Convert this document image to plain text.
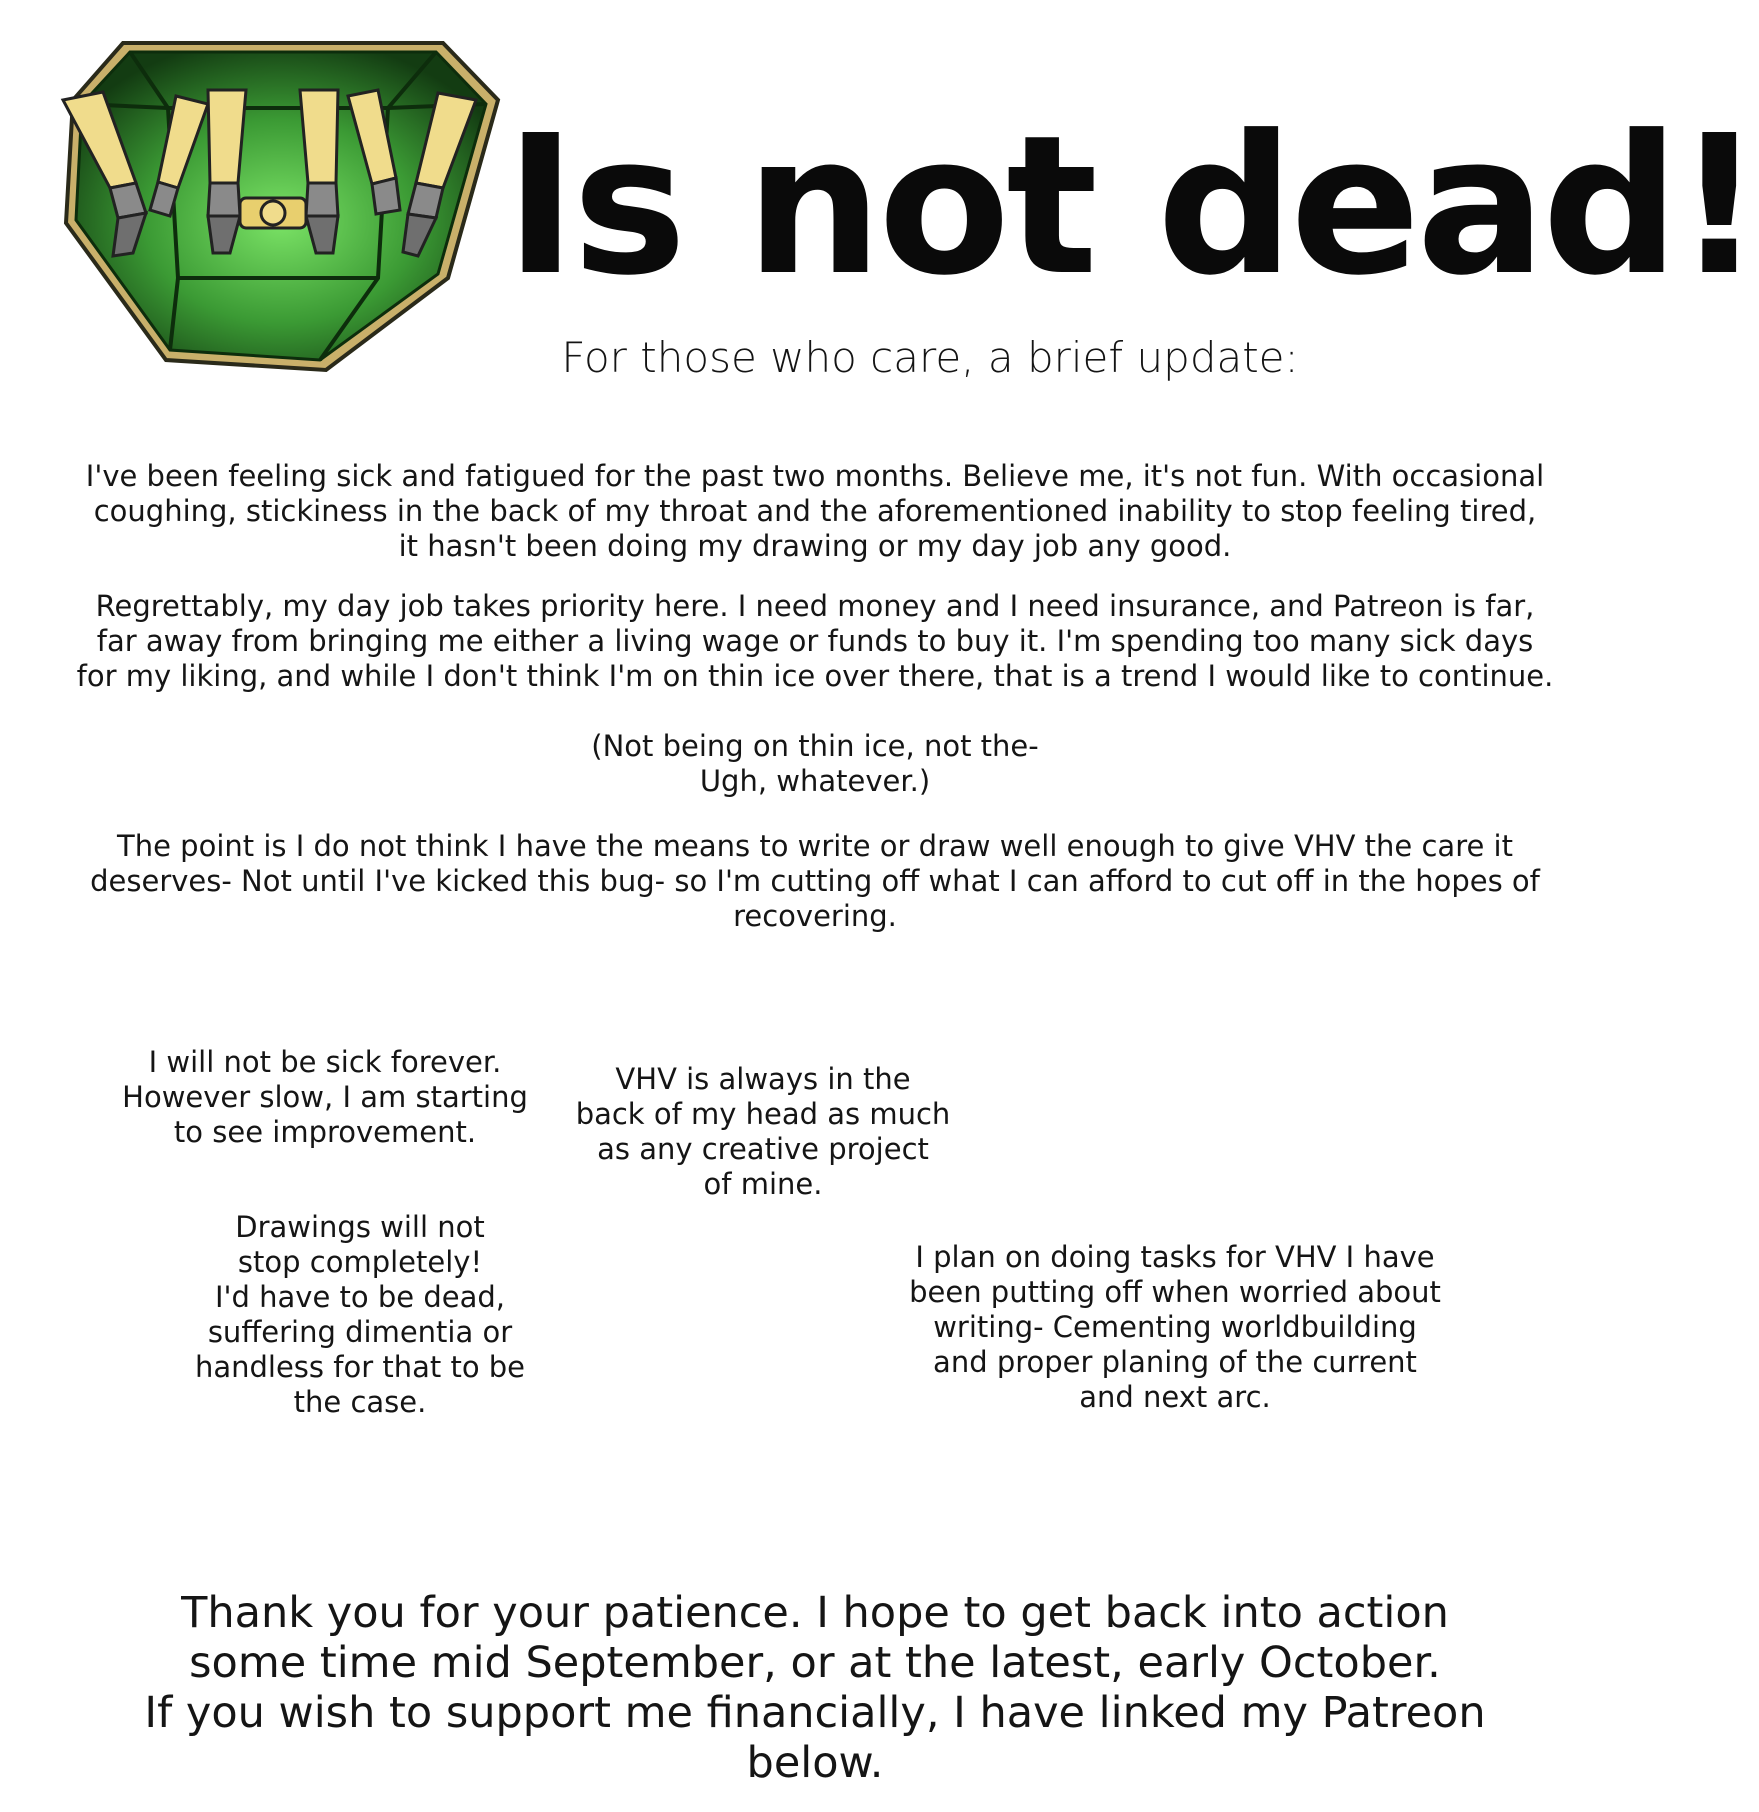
Is not dead!
For those who care, a brief update:
I've been feeling sick and fatigued for the past two months. Believe me, it's not fun. With occasional
coughing, stickiness in the back of my throat and the aforementioned inability to stop feeling tired,
it hasn't been doing my drawing or my day job any good.
Regrettably, my day job takes priority here. I need money and I need insurance, and Patreon is far,
far away from bringing me either a living wage or funds to buy it. I'm spending too many sick days
for my liking, and while I don't think I'm on thin ice over there, that is a trend I would like to continue.
(Not being on thin ice, not the-
Ugh, whatever.)
The point is I do not think I have the means to write or draw well enough to give VHV the care it
deserves- Not until I've kicked this bug- so I'm cutting off what I can afford to cut off in the hopes of
recovering.
I will not be sick forever.
However slow, I am starting
to see improvement.
VHV is always in the
back of my head as much
as any creative project
of mine.
Drawings will not
stop completely!
I'd have to be dead,
suffering dimentia or
handless for that to be
the case.
I plan on doing tasks for VHV I have
been putting off when worried about
writing- Cementing worldbuilding
and proper planing of the current
and next arc.
Thank you for your patience. I hope to get back into action
some time mid September, or at the latest, early October.
If you wish to support me financially, I have linked my Patreon
below.
